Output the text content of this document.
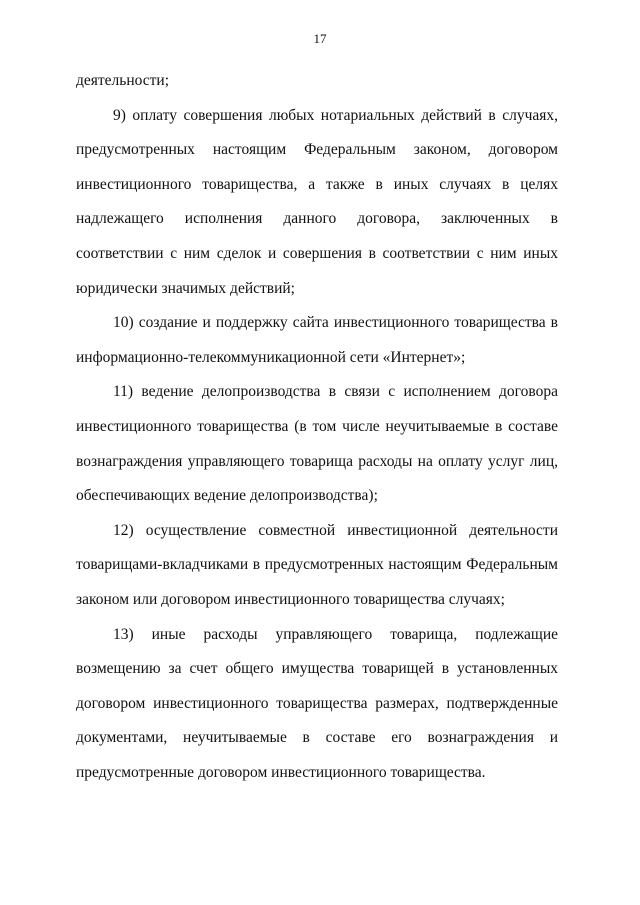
17

деятельности;

9) оплату совершения любых нотариальных действий в случаях, предусмотренных настоящим Федеральным законом, договором инвестиционного товарищества, а также в иных случаях в целях надлежащего исполнения данного договора, заключенных в соответствии с ним сделок и совершения в соответствии с ним иных юридически значимых действий;

10) создание и поддержку сайта инвестиционного товарищества в информационно-телекоммуникационной сети «Интернет»;

11) ведение делопроизводства в связи с исполнением договора инвестиционного товарищества (в том числе неучитываемые в составе вознаграждения управляющего товарища расходы на оплату услуг лиц, обеспечивающих ведение делопроизводства);

12) осуществление совместной инвестиционной деятельности товарищами-вкладчиками в предусмотренных настоящим Федеральным законом или договором инвестиционного товарищества случаях;

13) иные расходы управляющего товарища, подлежащие возмещению за счет общего имущества товарищей в установленных договором инвестиционного товарищества размерах, подтвержденные документами, неучитываемые в составе его вознаграждения и предусмотренные договором инвестиционного товарищества.
